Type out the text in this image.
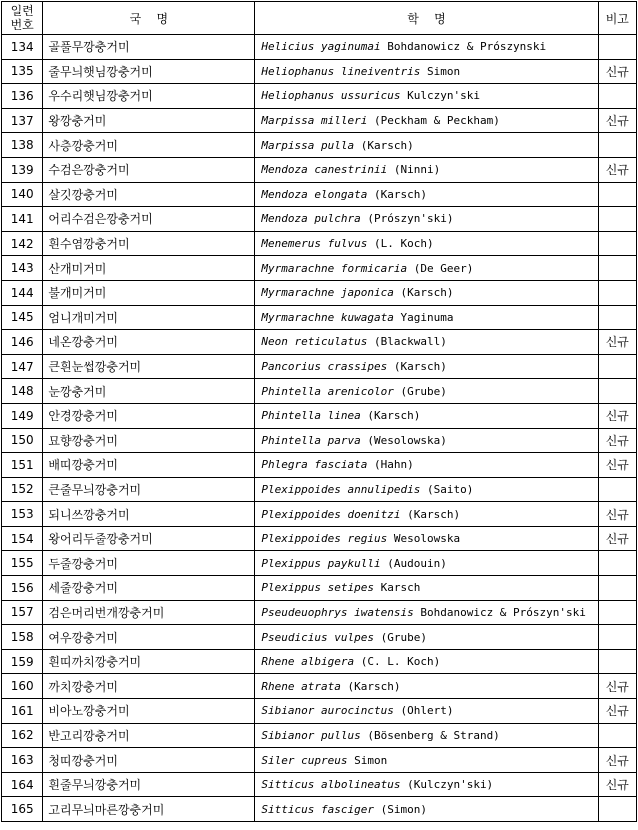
일련
번호	국    명	학    명	비고
134	골풀무깡충거미	Helicius yaginumai Bohdanowicz & Prószynski	
135	줄무늬햇님깡충거미	Heliophanus lineiventris Simon	신규
136	우수리햇님깡충거미	Heliophanus ussuricus Kulczyn'ski	
137	왕깡충거미	Marpissa milleri (Peckham & Peckham)	신규
138	사층깡충거미	Marpissa pulla (Karsch)	
139	수검은깡충거미	Mendoza canestrinii (Ninni)	신규
140	살깃깡충거미	Mendoza elongata (Karsch)	
141	어리수검은깡충거미	Mendoza pulchra (Prószyn'ski)	
142	흰수염깡충거미	Menemerus fulvus (L. Koch)	
143	산개미거미	Myrmarachne formicaria (De Geer)	
144	불개미거미	Myrmarachne japonica (Karsch)	
145	엄니개미거미	Myrmarachne kuwagata Yaginuma	
146	네온깡충거미	Neon reticulatus (Blackwall)	신규
147	큰흰눈썹깡충거미	Pancorius crassipes (Karsch)	
148	눈깡충거미	Phintella arenicolor (Grube)	
149	안경깡충거미	Phintella linea (Karsch)	신규
150	묘향깡충거미	Phintella parva (Wesolowska)	신규
151	배띠깡충거미	Phlegra fasciata (Hahn)	신규
152	큰줄무늬깡충거미	Plexippoides annulipedis (Saito)	
153	되니쓰깡충거미	Plexippoides doenitzi (Karsch)	신규
154	왕어리두줄깡충거미	Plexippoides regius Wesolowska	신규
155	두줄깡충거미	Plexippus paykulli (Audouin)	
156	세줄깡충거미	Plexippus setipes Karsch	
157	검은머리번개깡충거미	Pseudeuophrys iwatensis Bohdanowicz & Prószyn'ski	
158	여우깡충거미	Pseudicius vulpes (Grube)	
159	흰띠까치깡충거미	Rhene albigera (C. L. Koch)	
160	까치깡충거미	Rhene atrata (Karsch)	신규
161	비아노깡충거미	Sibianor aurocinctus (Ohlert)	신규
162	반고리깡충거미	Sibianor pullus (Bösenberg & Strand)	
163	청띠깡충거미	Siler cupreus Simon	신규
164	흰줄무늬깡충거미	Sitticus albolineatus (Kulczyn'ski)	신규
165	고리무늬마른깡충거미	Sitticus fasciger (Simon)	
